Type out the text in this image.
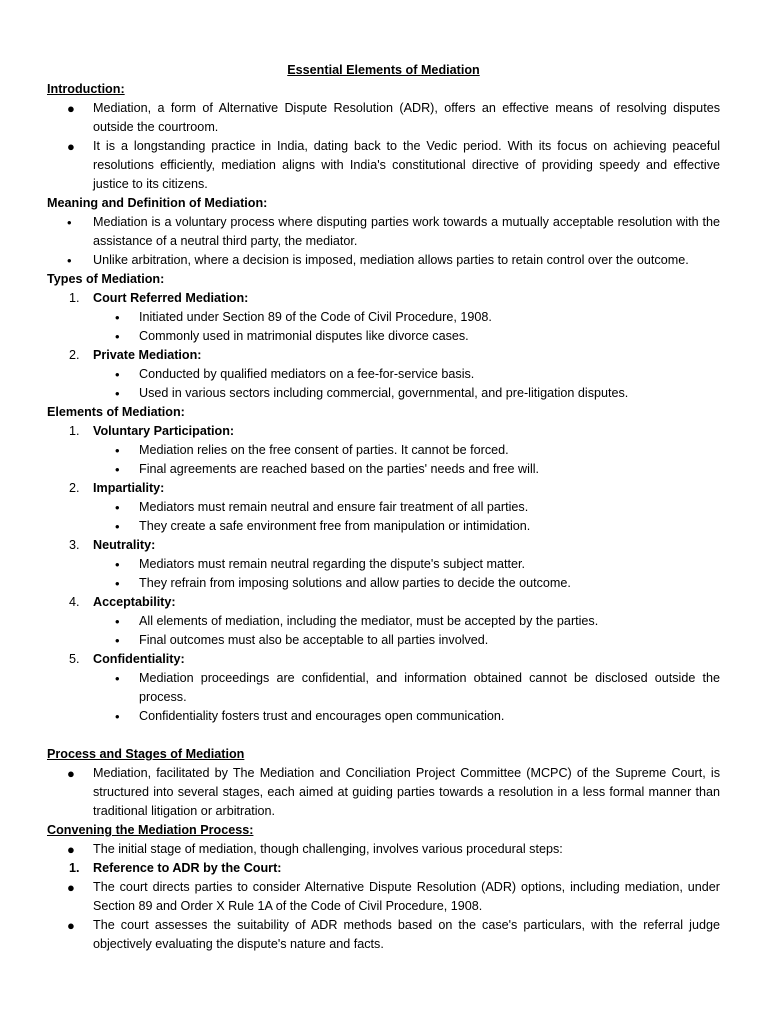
Essential Elements of Mediation
Introduction:
● Mediation, a form of Alternative Dispute Resolution (ADR), offers an effective means of resolving disputes outside the courtroom.
● It is a longstanding practice in India, dating back to the Vedic period. With its focus on achieving peaceful resolutions efficiently, mediation aligns with India's constitutional directive of providing speedy and effective justice to its citizens.
Meaning and Definition of Mediation:
• Mediation is a voluntary process where disputing parties work towards a mutually acceptable resolution with the assistance of a neutral third party, the mediator.
• Unlike arbitration, where a decision is imposed, mediation allows parties to retain control over the outcome.
Types of Mediation:
1. Court Referred Mediation:
• Initiated under Section 89 of the Code of Civil Procedure, 1908.
• Commonly used in matrimonial disputes like divorce cases.
2. Private Mediation:
• Conducted by qualified mediators on a fee-for-service basis.
• Used in various sectors including commercial, governmental, and pre-litigation disputes.
Elements of Mediation:
1. Voluntary Participation:
• Mediation relies on the free consent of parties. It cannot be forced.
• Final agreements are reached based on the parties' needs and free will.
2. Impartiality:
• Mediators must remain neutral and ensure fair treatment of all parties.
• They create a safe environment free from manipulation or intimidation.
3. Neutrality:
• Mediators must remain neutral regarding the dispute's subject matter.
• They refrain from imposing solutions and allow parties to decide the outcome.
4. Acceptability:
• All elements of mediation, including the mediator, must be accepted by the parties.
• Final outcomes must also be acceptable to all parties involved.
5. Confidentiality:
• Mediation proceedings are confidential, and information obtained cannot be disclosed outside the process.
• Confidentiality fosters trust and encourages open communication.
Process and Stages of Mediation
● Mediation, facilitated by The Mediation and Conciliation Project Committee (MCPC) of the Supreme Court, is structured into several stages, each aimed at guiding parties towards a resolution in a less formal manner than traditional litigation or arbitration.
Convening the Mediation Process:
● The initial stage of mediation, though challenging, involves various procedural steps:
1. Reference to ADR by the Court:
● The court directs parties to consider Alternative Dispute Resolution (ADR) options, including mediation, under Section 89 and Order X Rule 1A of the Code of Civil Procedure, 1908.
● The court assesses the suitability of ADR methods based on the case's particulars, with the referral judge objectively evaluating the dispute's nature and facts.
